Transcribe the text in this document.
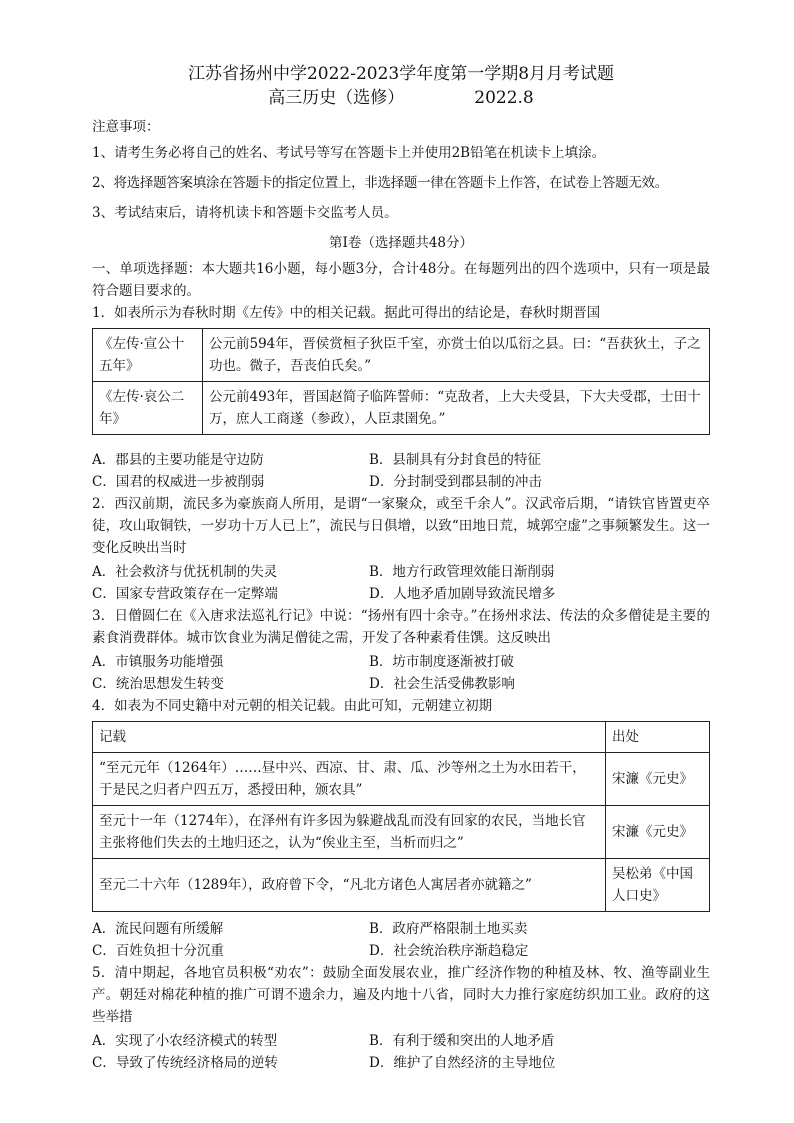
江苏省扬州中学2022-2023学年度第一学期8月月考试题

高三历史（选修）	2022.8

注意事项：

1、请考生务必将自己的姓名、考试号等写在答题卡上并使用2B铅笔在机读卡上填涂。

2、将选择题答案填涂在答题卡的指定位置上，非选择题一律在答题卡上作答，在试卷上答题无效。

3、考试结束后，请将机读卡和答题卡交监考人员。

第Ⅰ卷（选择题共48分）

一、单项选择题：本大题共16小题，每小题3分，合计48分。在每题列出的四个选项中，只有一项是最符合题目要求的。

1．如表所示为春秋时期《左传》中的相关记载。据此可得出的结论是，春秋时期晋国

《左传·宣公十五年》	公元前594年，晋侯赏桓子狄臣千室，亦赏士伯以瓜衍之县。曰：“吾获狄土，子之功也。微子，吾丧伯氏矣。”
《左传·哀公二年》	公元前493年，晋国赵简子临阵誓师：“克敌者，上大夫受县，下大夫受郡，士田十万，庶人工商遂（参政），人臣隶圉免。”
A．郡县的主要功能是守边防	B．县制具有分封食邑的特征
C．国君的权威进一步被削弱	D．分封制受到郡县制的冲击

2．西汉前期，流民多为豪族商人所用，是谓“一家聚众，或至千余人”。汉武帝后期，“请铁官皆置吏卒徒，攻山取铜铁，一岁功十万人已上”，流民与日俱增，以致“田地日荒，城郭空虚”之事频繁发生。这一变化反映出当时

A．社会救济与优抚机制的失灵	B．地方行政管理效能日渐削弱
C．国家专营政策存在一定弊端	D．人地矛盾加剧导致流民增多

3．日僧圆仁在《入唐求法巡礼行记》中说：“扬州有四十余寺。”在扬州求法、传法的众多僧徒是主要的素食消费群体。城市饮食业为满足僧徒之需，开发了各种素肴佳馔。这反映出

A．市镇服务功能增强	B．坊市制度逐渐被打破
C．统治思想发生转变	D．社会生活受佛教影响

4．如表为不同史籍中对元朝的相关记载。由此可知，元朝建立初期

记载	出处
“至元元年（1264年）……昼中兴、西凉、甘、肃、瓜、沙等州之土为水田若干，于是民之归者户四五万，悉授田种，颁农具”	宋濂《元史》
至元十一年（1274年），在泽州有许多因为躲避战乱而没有回家的农民，当地长官主张将他们失去的土地归还之，认为“俟业主至，当析而归之”	宋濂《元史》
至元二十六年（1289年），政府曾下令，“凡北方诸色人寓居者亦就籍之”	吴松弟《中国人口史》
A．流民问题有所缓解	B．政府严格限制土地买卖
C．百姓负担十分沉重	D．社会统治秩序渐趋稳定

5．清中期起，各地官员积极“劝农”：鼓励全面发展农业，推广经济作物的种植及林、牧、渔等副业生产。朝廷对棉花种植的推广可谓不遗余力，遍及内地十八省，同时大力推行家庭纺织加工业。政府的这些举措

A．实现了小农经济模式的转型	B．有利于缓和突出的人地矛盾
C．导致了传统经济格局的逆转	D．维护了自然经济的主导地位
